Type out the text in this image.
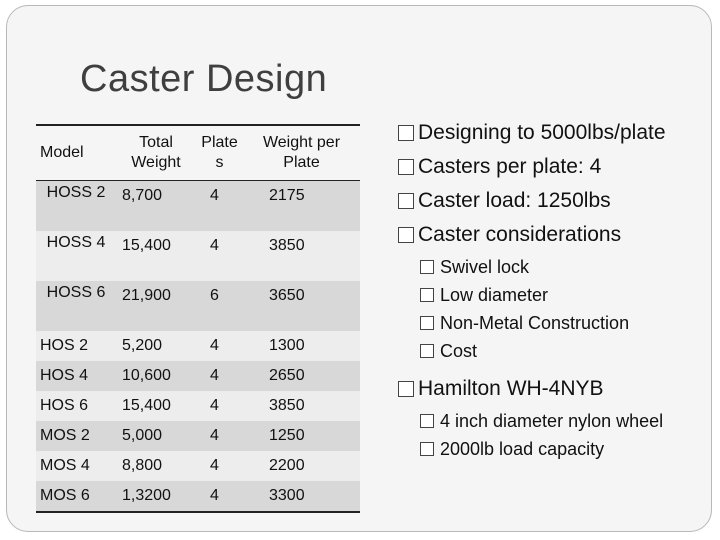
Caster Design
Model	Total Weight	Plate s	Weight per Plate
HOSS 2	8,700	4	2175
HOSS 4	15,400	4	3850
HOSS 6	21,900	6	3650
HOS 2	5,200	4	1300
HOS 4	10,600	4	2650
HOS 6	15,400	4	3850
MOS 2	5,000	4	1250
MOS 4	8,800	4	2200
MOS 6	1,3200	4	3300
Designing to 5000lbs/plate
Casters per plate: 4
Caster load: 1250lbs
Caster considerations
Swivel lock
Low diameter
Non-Metal Construction
Cost
Hamilton WH-4NYB
4 inch diameter nylon wheel
2000lb load capacity
